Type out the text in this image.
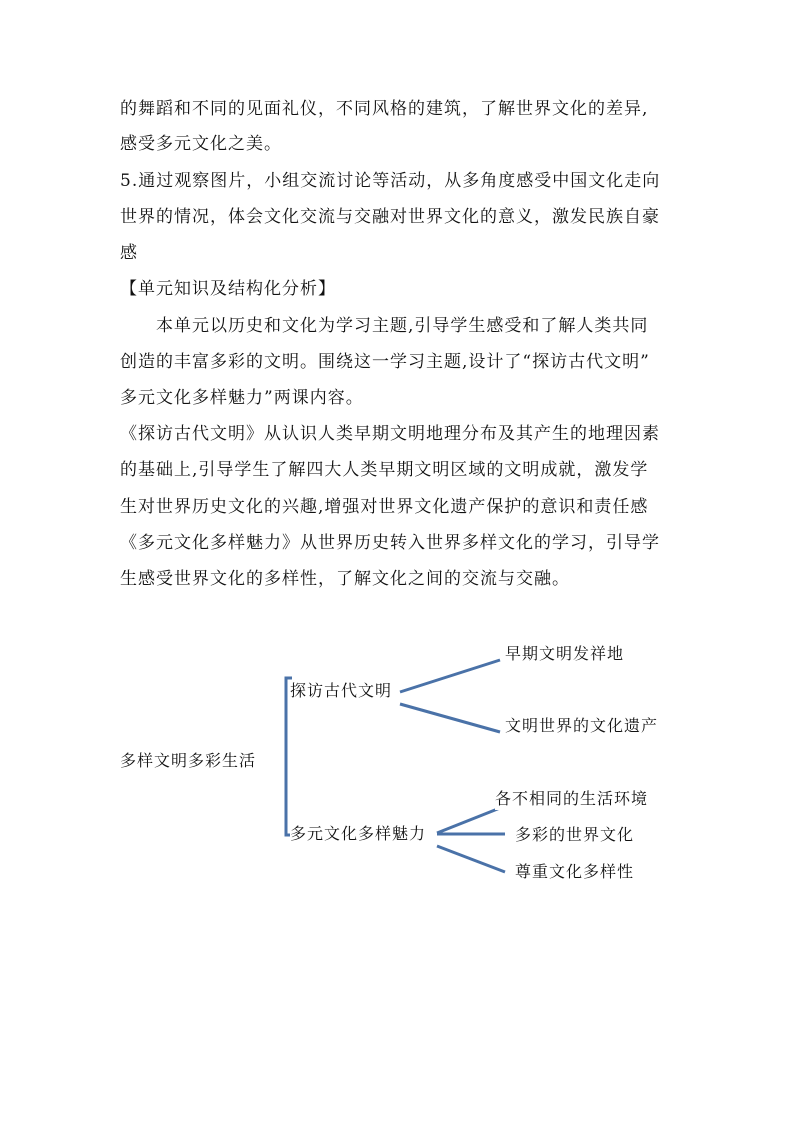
的舞蹈和不同的见面礼仪，不同风格的建筑，了解世界文化的差异,
感受多元文化之美。
5.通过观察图片，小组交流讨论等活动，从多角度感受中国文化走向
世界的情况，体会文化交流与交融对世界文化的意义，激发民族自豪
感
【单元知识及结构化分析】
　　本单元以历史和文化为学习主题,引导学生感受和了解人类共同
创造的丰富多彩的文明。围绕这一学习主题,设计了“探访古代文明”
多元文化多样魅力”两课内容。
《探访古代文明》从认识人类早期文明地理分布及其产生的地理因素
的基础上,引导学生了解四大人类早期文明区域的文明成就，激发学
生对世界历史文化的兴趣,增强对世界文化遗产保护的意识和责任感
《多元文化多样魅力》从世界历史转入世界多样文化的学习，引导学
生感受世界文化的多样性，了解文化之间的交流与交融。
多样文明多彩生活
探访古代文明
早期文明发祥地
文明世界的文化遗产
多元文化多样魅力
各不相同的生活环境
多彩的世界文化
尊重文化多样性
